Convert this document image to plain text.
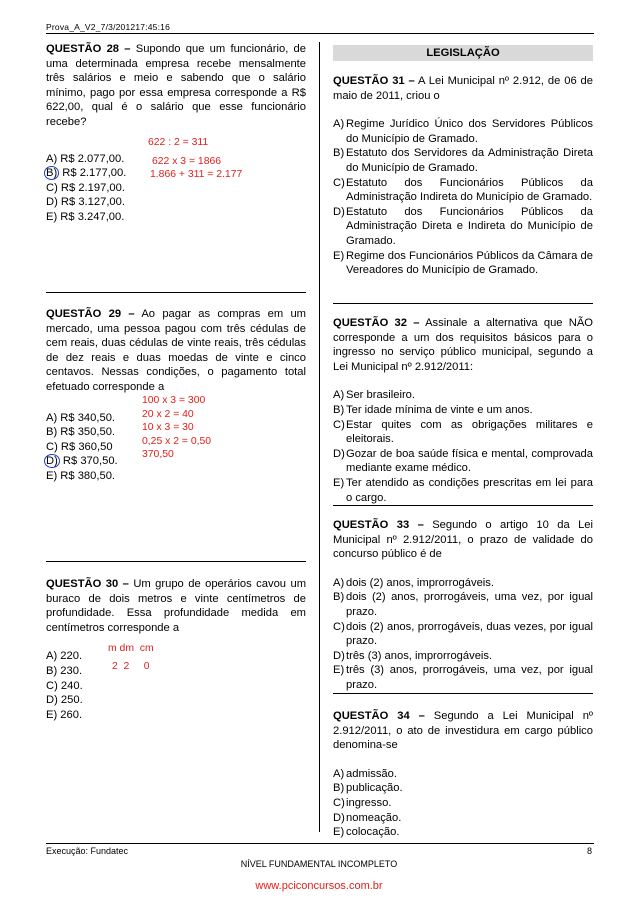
Prova_A_V2_7/3/201217:45:16

QUESTÃO 28 – Supondo que um funcionário, de uma determinada empresa recebe mensalmente três salários e meio e sabendo que o salário mínimo, pago por essa empresa corresponde a R$ 622,00, qual é o salário que esse funcionário recebe?

A) R$ 2.077,00.
B) R$ 2.177,00.
C) R$ 2.197,00.
D) R$ 3.127,00.
E) R$ 3.247,00.
622 : 2 = 311
622 x 3 = 1866
1.866 + 311 = 2.177

QUESTÃO 29 – Ao pagar as compras em um mercado, uma pessoa pagou com três cédulas de cem reais, duas cédulas de vinte reais, três cédulas de dez reais e duas moedas de vinte e cinco centavos. Nessas condições, o pagamento total efetuado corresponde a

A) R$ 340,50.
B) R$ 350,50.
C) R$ 360,50
D) R$ 370,50.
E) R$ 380,50.
100 x 3 = 300
20 x 2 = 40
10 x 3 = 30
0,25 x 2 = 0,50
370,50

QUESTÃO 30 – Um grupo de operários cavou um buraco de dois metros e vinte centímetros de profundidade. Essa profundidade medida em centímetros corresponde a

A) 220.
B) 230.
C) 240.
D) 250.
E) 260.
m dm  cm
2  2     0
LEGISLAÇÃO

QUESTÃO 31 – A Lei Municipal nº 2.912, de 06 de maio de 2011, criou o

A) Regime Jurídico Único dos Servidores Públicos do Município de Gramado.
B) Estatuto dos Servidores da Administração Direta do Município de Gramado.
C) Estatuto dos Funcionários Públicos da Administração Indireta do Município de Gramado.
D) Estatuto dos Funcionários Públicos da Administração Direta e Indireta do Município de Gramado.
E) Regime dos Funcionários Públicos da Câmara de Vereadores do Município de Gramado.

QUESTÃO 32 – Assinale a alternativa que NÃO corresponde a um dos requisitos básicos para o ingresso no serviço público municipal, segundo a Lei Municipal nº 2.912/2011:

A) Ser brasileiro.
B) Ter idade mínima de vinte e um anos.
C) Estar quites com as obrigações militares e eleitorais.
D) Gozar de boa saúde física e mental, comprovada mediante exame médico.
E) Ter atendido as condições prescritas em lei para o cargo.

QUESTÃO 33 – Segundo o artigo 10 da Lei Municipal nº 2.912/2011, o prazo de validade do concurso público é de

A) dois (2) anos, improrrogáveis.
B) dois (2) anos, prorrogáveis, uma vez, por igual prazo.
C) dois (2) anos, prorrogáveis, duas vezes, por igual prazo.
D) três (3) anos, improrrogáveis.
E) três (3) anos, prorrogáveis, uma vez, por igual prazo.

QUESTÃO 34 – Segundo a Lei Municipal nº 2.912/2011, o ato de investidura em cargo público denomina-se

A) admissão.
B) publicação.
C) ingresso.
D) nomeação.
E) colocação.
Execução: Fundatec	8
NÍVEL FUNDAMENTAL INCOMPLETO
www.pciconcursos.com.br
